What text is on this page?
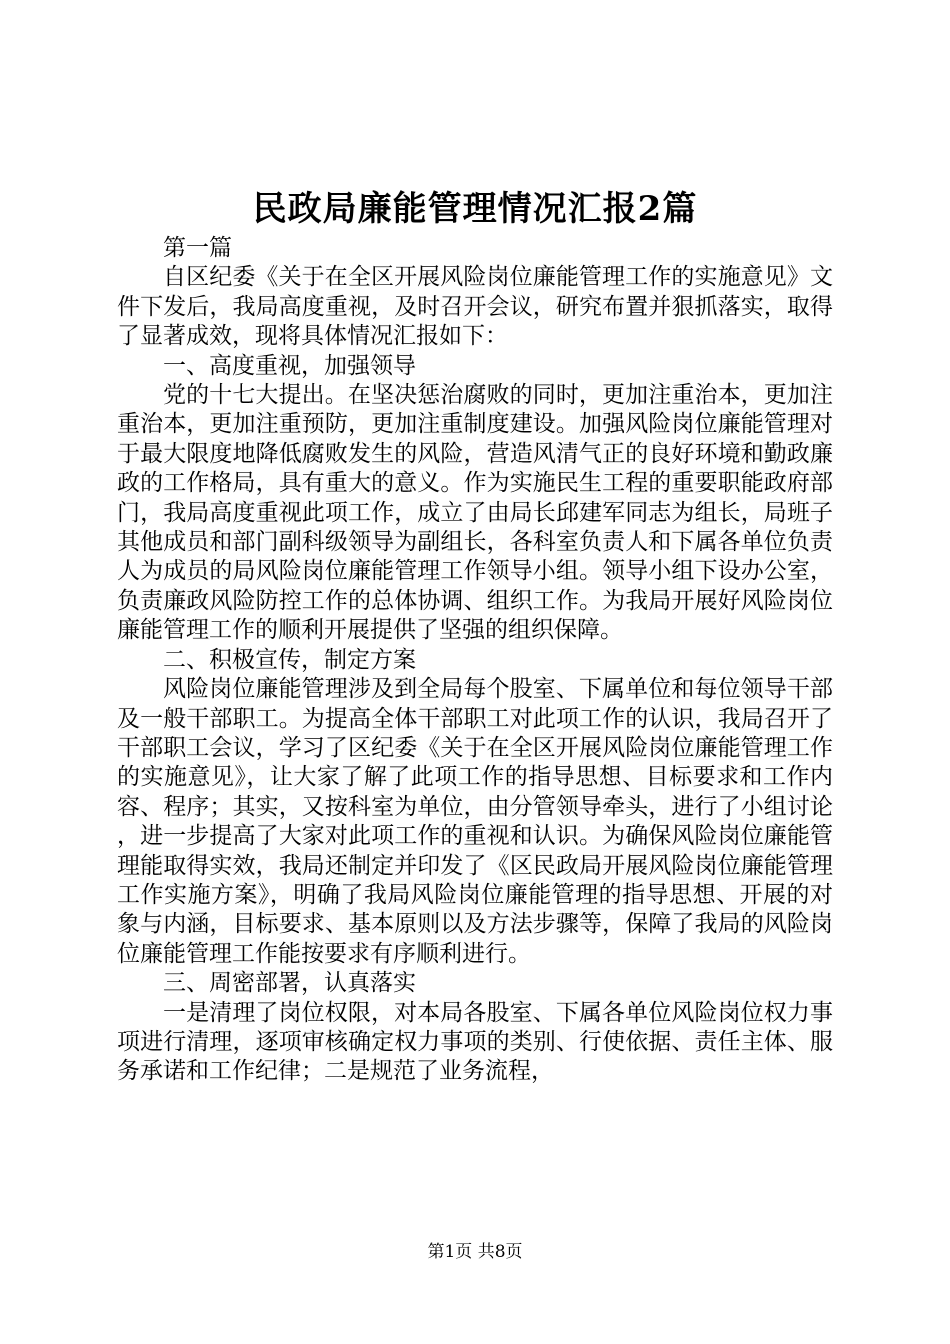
民政局廉能管理情况汇报2篇

第一篇

自区纪委《关于在全区开展风险岗位廉能管理工作的实施意见》文件下发后，我局高度重视，及时召开会议，研究布置并狠抓落实，取得了显著成效，现将具体情况汇报如下：

一、高度重视，加强领导

党的十七大提出。在坚决惩治腐败的同时，更加注重治本，更加注重治本，更加注重预防，更加注重制度建设。加强风险岗位廉能管理对于最大限度地降低腐败发生的风险，营造风清气正的良好环境和勤政廉政的工作格局，具有重大的意义。作为实施民生工程的重要职能政府部门，我局高度重视此项工作，成立了由局长邱建军同志为组长，局班子其他成员和部门副科级领导为副组长，各科室负责人和下属各单位负责人为成员的局风险岗位廉能管理工作领导小组。领导小组下设办公室，负责廉政风险防控工作的总体协调、组织工作。为我局开展好风险岗位廉能管理工作的顺利开展提供了坚强的组织保障。

二、积极宣传，制定方案

风险岗位廉能管理涉及到全局每个股室、下属单位和每位领导干部及一般干部职工。为提高全体干部职工对此项工作的认识，我局召开了干部职工会议，学习了区纪委《关于在全区开展风险岗位廉能管理工作的实施意见》，让大家了解了此项工作的指导思想、目标要求和工作内容、程序；其实，又按科室为单位，由分管领导牵头，进行了小组讨论，进一步提高了大家对此项工作的重视和认识。为确保风险岗位廉能管理能取得实效，我局还制定并印发了《区民政局开展风险岗位廉能管理工作实施方案》，明确了我局风险岗位廉能管理的指导思想、开展的对象与内涵，目标要求、基本原则以及方法步骤等，保障了我局的风险岗位廉能管理工作能按要求有序顺利进行。

三、周密部署，认真落实

一是清理了岗位权限，对本局各股室、下属各单位风险岗位权力事项进行清理，逐项审核确定权力事项的类别、行使依据、责任主体、服务承诺和工作纪律；二是规范了业务流程，

第1页 共8页
